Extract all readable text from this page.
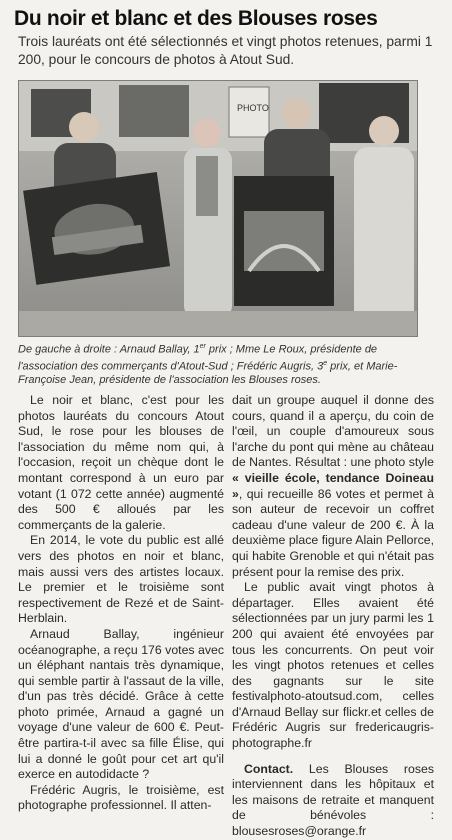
Du noir et blanc et des Blouses roses

Trois lauréats ont été sélectionnés et vingt photos retenues, parmi 1 200, pour le concours de photos à Atout Sud.

PHOTO

De gauche à droite : Arnaud Ballay, 1er prix ; Mme Le Roux, présidente de l'association des commerçants d'Atout-Sud ; Frédéric Augris, 3e prix, et Marie-Françoise Jean, présidente de l'association les Blouses roses.

Le noir et blanc, c'est pour les photos lauréats du concours Atout Sud, le rose pour les blouses de l'association du même nom qui, à l'occasion, reçoit un chèque dont le montant correspond à un euro par votant (1 072 cette année) augmenté des 500 € alloués par les commerçants de la galerie.

En 2014, le vote du public est allé vers des photos en noir et blanc, mais aussi vers des artistes locaux. Le premier et le troisième sont respectivement de Rezé et de Saint-Herblain.

Arnaud Ballay, ingénieur océanographe, a reçu 176 votes avec un éléphant nantais très dynamique, qui semble partir à l'assaut de la ville, d'un pas très décidé. Grâce à cette photo primée, Arnaud a gagné un voyage d'une valeur de 600 €. Peut-être partira-t-il avec sa fille Élise, qui lui a donné le goût pour cet art qu'il exerce en autodidacte ?

Frédéric Augris, le troisième, est photographe professionnel. Il atten-

dait un groupe auquel il donne des cours, quand il a aperçu, du coin de l'œil, un couple d'amoureux sous l'arche du pont qui mène au château de Nantes. Résultat : une photo style « vieille école, tendance Doineau », qui recueille 86 votes et permet à son auteur de recevoir un coffret cadeau d'une valeur de 200 €. À la deuxième place figure Alain Pellorce, qui habite Grenoble et qui n'était pas présent pour la remise des prix.

Le public avait vingt photos à départager. Elles avaient été sélectionnées par un jury parmi les 1 200 qui avaient été envoyées par tous les concurrents. On peut voir les vingt photos retenues et celles des gagnants sur le site festivalphoto-atoutsud.com, celles d'Arnaud Bellay sur flickr.et celles de Frédéric Augris sur fredericaugris-photographe.fr

Contact. Les Blouses roses interviennent dans les hôpitaux et les maisons de retraite et manquent de bénévoles : blousesroses@orange.fr
